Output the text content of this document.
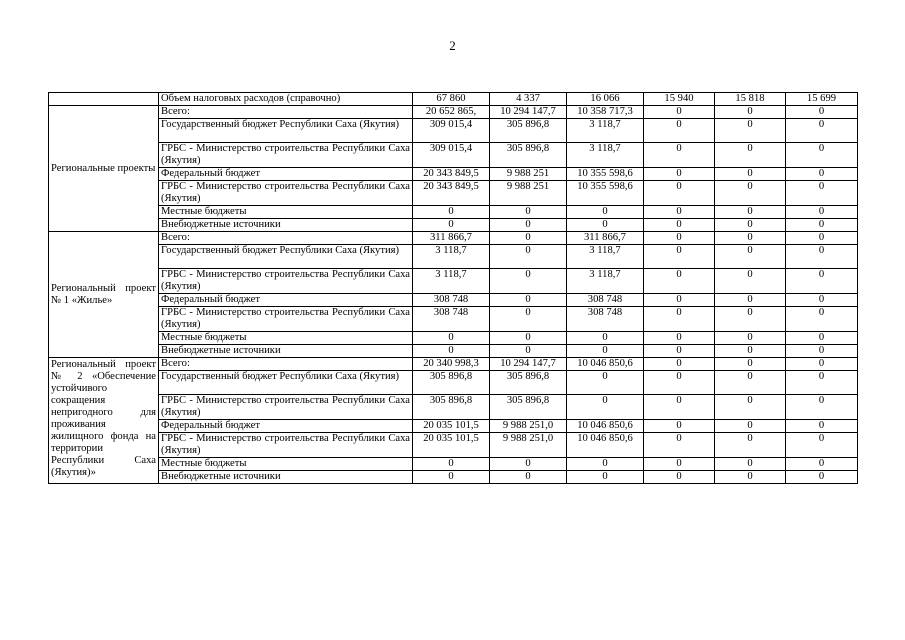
2
	Объем налоговых расходов (справочно)	67 860	4 337	16 066	15 940	15 818	15 699
Региональные проекты	Всего:	20 652 865,	10 294 147,7	10 358 717,3	0	0	0
	Государственный бюджет Республики Саха (Якутия)	309 015,4	305 896,8	3 118,7	0	0	0
	ГРБС - Министерство строительства Республики Саха (Якутия)	309 015,4	305 896,8	3 118,7	0	0	0
	Федеральный бюджет	20 343 849,5	9 988 251	10 355 598,6	0	0	0
	ГРБС - Министерство строительства Республики Саха (Якутия)	20 343 849,5	9 988 251	10 355 598,6	0	0	0
	Местные бюджеты	0	0	0	0	0	0
	Внебюджетные источники	0	0	0	0	0	0
Региональный проект № 1 «Жилье»	Всего:	311 866,7	0	311 866,7	0	0	0
	Государственный бюджет Республики Саха (Якутия)	3 118,7	0	3 118,7	0	0	0
	ГРБС - Министерство строительства Республики Саха (Якутия)	3 118,7	0	3 118,7	0	0	0
	Федеральный бюджет	308 748	0	308 748	0	0	0
	ГРБС - Министерство строительства Республики Саха (Якутия)	308 748	0	308 748	0	0	0
	Местные бюджеты	0	0	0	0	0	0
	Внебюджетные источники	0	0	0	0	0	0
Региональный проект № 2 «Обеспечение устойчивого сокращения непригодного для проживания жилищного фонда на территории Республики Саха (Якутия)»	Всего:	20 340 998,3	10 294 147,7	10 046 850,6	0	0	0
	Государственный бюджет Республики Саха (Якутия)	305 896,8	305 896,8	0	0	0	0
	ГРБС - Министерство строительства Республики Саха (Якутия)	305 896,8	305 896,8	0	0	0	0
	Федеральный бюджет	20 035 101,5	9 988 251,0	10 046 850,6	0	0	0
	ГРБС - Министерство строительства Республики Саха (Якутия)	20 035 101,5	9 988 251,0	10 046 850,6	0	0	0
	Местные бюджеты	0	0	0	0	0	0
	Внебюджетные источники	0	0	0	0	0	0
